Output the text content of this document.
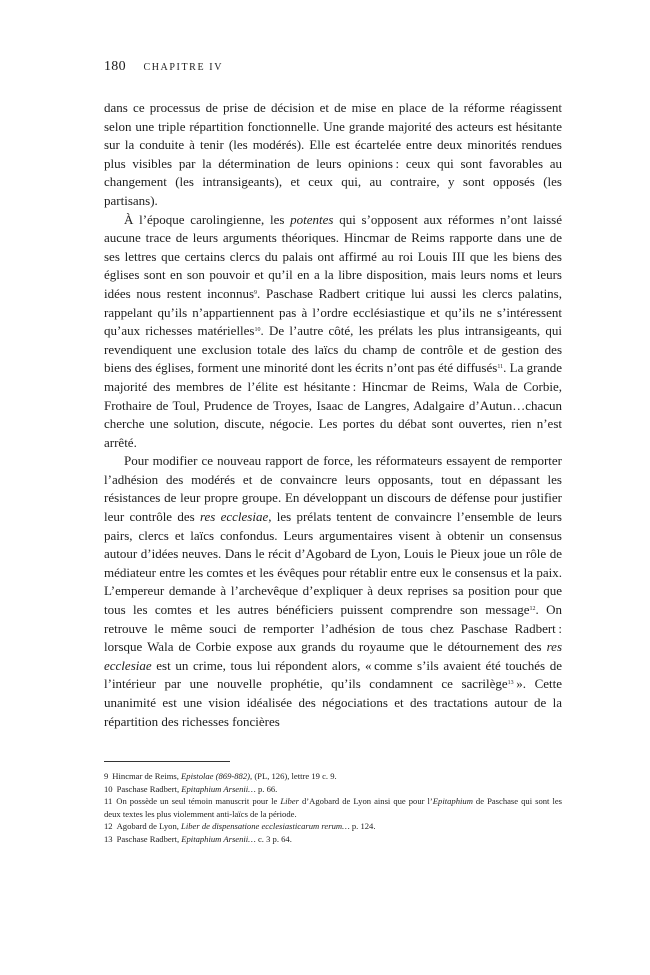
180 CHAPITRE IV

dans ce processus de prise de décision et de mise en place de la réforme réagissent selon une triple répartition fonctionnelle. Une grande majorité des acteurs est hésitante sur la conduite à tenir (les modérés). Elle est écartelée entre deux minorités rendues plus visibles par la détermination de leurs opinions : ceux qui sont favorables au changement (les intransigeants), et ceux qui, au contraire, y sont opposés (les partisans).

À l’époque carolingienne, les potentes qui s’opposent aux réformes n’ont laissé aucune trace de leurs arguments théoriques. Hincmar de Reims rapporte dans une de ses lettres que certains clercs du palais ont affirmé au roi Louis III que les biens des églises sont en son pouvoir et qu’il en a la libre disposition, mais leurs noms et leurs idées nous restent inconnus$^9$. Paschase Radbert critique lui aussi les clercs palatins, rappelant qu’ils n’appartiennent pas à l’ordre ecclésiastique et qu’ils ne s’intéressent qu’aux richesses matérielles$^{10}$. De l’autre côté, les prélats les plus intransigeants, qui revendiquent une exclusion totale des laïcs du champ de contrôle et de gestion des biens des églises, forment une minorité dont les écrits n’ont pas été diffusés$^{11}$. La grande majorité des membres de l’élite est hésitante : Hincmar de Reims, Wala de Corbie, Frothaire de Toul, Prudence de Troyes, Isaac de Langres, Adalgaire d’Autun…chacun cherche une solution, discute, négocie. Les portes du débat sont ouvertes, rien n’est arrêté.

Pour modifier ce nouveau rapport de force, les réformateurs essayent de remporter l’adhésion des modérés et de convaincre leurs opposants, tout en dépassant les résistances de leur propre groupe. En développant un discours de défense pour justifier leur contrôle des res ecclesiae, les prélats tentent de convaincre l’ensemble de leurs pairs, clercs et laïcs confondus. Leurs argumentaires visent à obtenir un consensus autour d’idées neuves. Dans le récit d’Agobard de Lyon, Louis le Pieux joue un rôle de médiateur entre les comtes et les évêques pour rétablir entre eux le consensus et la paix. L’empereur demande à l’archevêque d’expliquer à deux reprises sa position pour que tous les comtes et les autres bénéficiers puissent comprendre son message$^{12}$. On retrouve le même souci de remporter l’adhésion de tous chez Paschase Radbert : lorsque Wala de Corbie expose aux grands du royaume que le détournement des res ecclesiae est un crime, tous lui répondent alors, « comme s’ils avaient été touchés de l’intérieur par une nouvelle prophétie, qu’ils condamnent ce sacrilège$^{13}$ ». Cette unanimité est une vision idéalisée des négociations et des tractations autour de la répartition des richesses foncières

9 Hincmar de Reims, Epistolae (869-882), (PL, 126), lettre 19 c. 9.

10 Paschase Radbert, Epitaphium Arsenii… p. 66.

11 On possède un seul témoin manuscrit pour le Liber d’Agobard de Lyon ainsi que pour l’Epitaphium de Paschase qui sont les deux textes les plus violemment anti-laïcs de la période.

12 Agobard de Lyon, Liber de dispensatione ecclesiasticarum rerum… p. 124.

13 Paschase Radbert, Epitaphium Arsenii… c. 3 p. 64.
